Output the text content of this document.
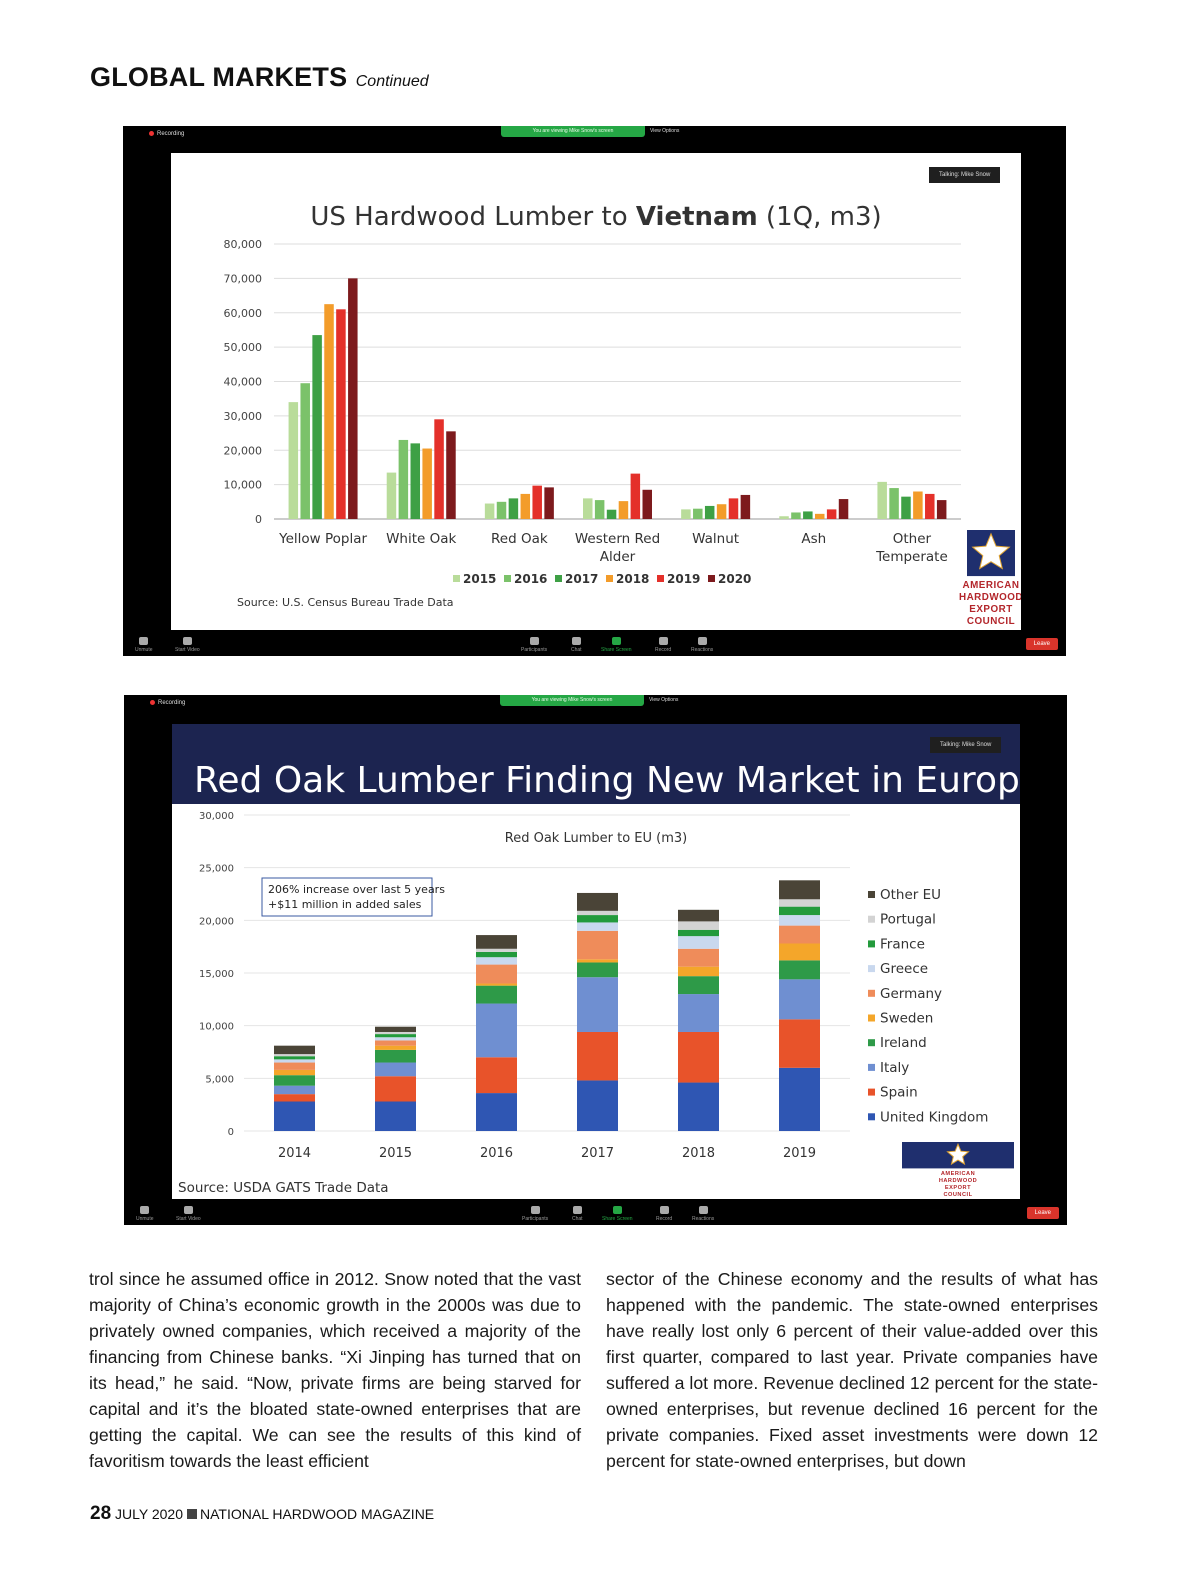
GLOBAL MARKETS Continued
Recording
You are viewing Mike Snow's screen	View Options
US Hardwood Lumber to Vietnam (1Q, m3)
0
10,000
20,000
30,000
40,000
50,000
60,000
70,000
80,000
Yellow Poplar White Oak	Red Oak Western Red Alder
Walnut	Ash	Other Temperate
2015 2016 2017 2018 2019 2020
Source: U.S. Census Bureau Trade Data
AMERICAN
HARDWOOD
EXPORT
COUNCIL
Talking: Mike Snow
Unmute	Start Video	Participants	Chat	Share Screen	Record	Reactions
Leave
Recording
You are viewing Mike Snow's screen	View Options
Red Oak Lumber Finding New Market in Europe
0
5,000
10,000
15,000
20,000
25,000
30,000
Red Oak Lumber to EU (m3)
206% increase over last 5 years
+$11 million in added sales
2014	2015	2016	2017	2018	2019
Other EU
Portugal
France
Greece
Germany
Sweden
Ireland
Italy
Spain
United Kingdom
Source: USDA GATS Trade Data
AMERICAN
HARDWOOD
EXPORT
COUNCIL
Talking: Mike Snow
Unmute	Start Video	Participants	Chat	Share Screen	Record	Reactions
Leave
trol since he assumed office in 2012. Snow noted that the vast majority of China’s economic growth in the 2000s was due to privately owned companies, which received a majority of the financing from Chinese banks. “Xi Jinping has turned that on its head,” he said. “Now, private firms are being starved for capital and it’s the bloated state-owned enterprises that are getting the capital. We can see the results of this kind of favoritism towards the least efficient
sector of the Chinese economy and the results of what has happened with the pandemic. The state-owned enterprises have really lost only 6 percent of their value-added over this first quarter, compared to last year. Private companies have suffered a lot more. Revenue declined 12 percent for the state-owned enterprises, but revenue declined 16 percent for the private companies. Fixed asset investments were down 12 percent for state-owned enterprises, but down
28 JULY 2020 NATIONAL HARDWOOD MAGAZINE
